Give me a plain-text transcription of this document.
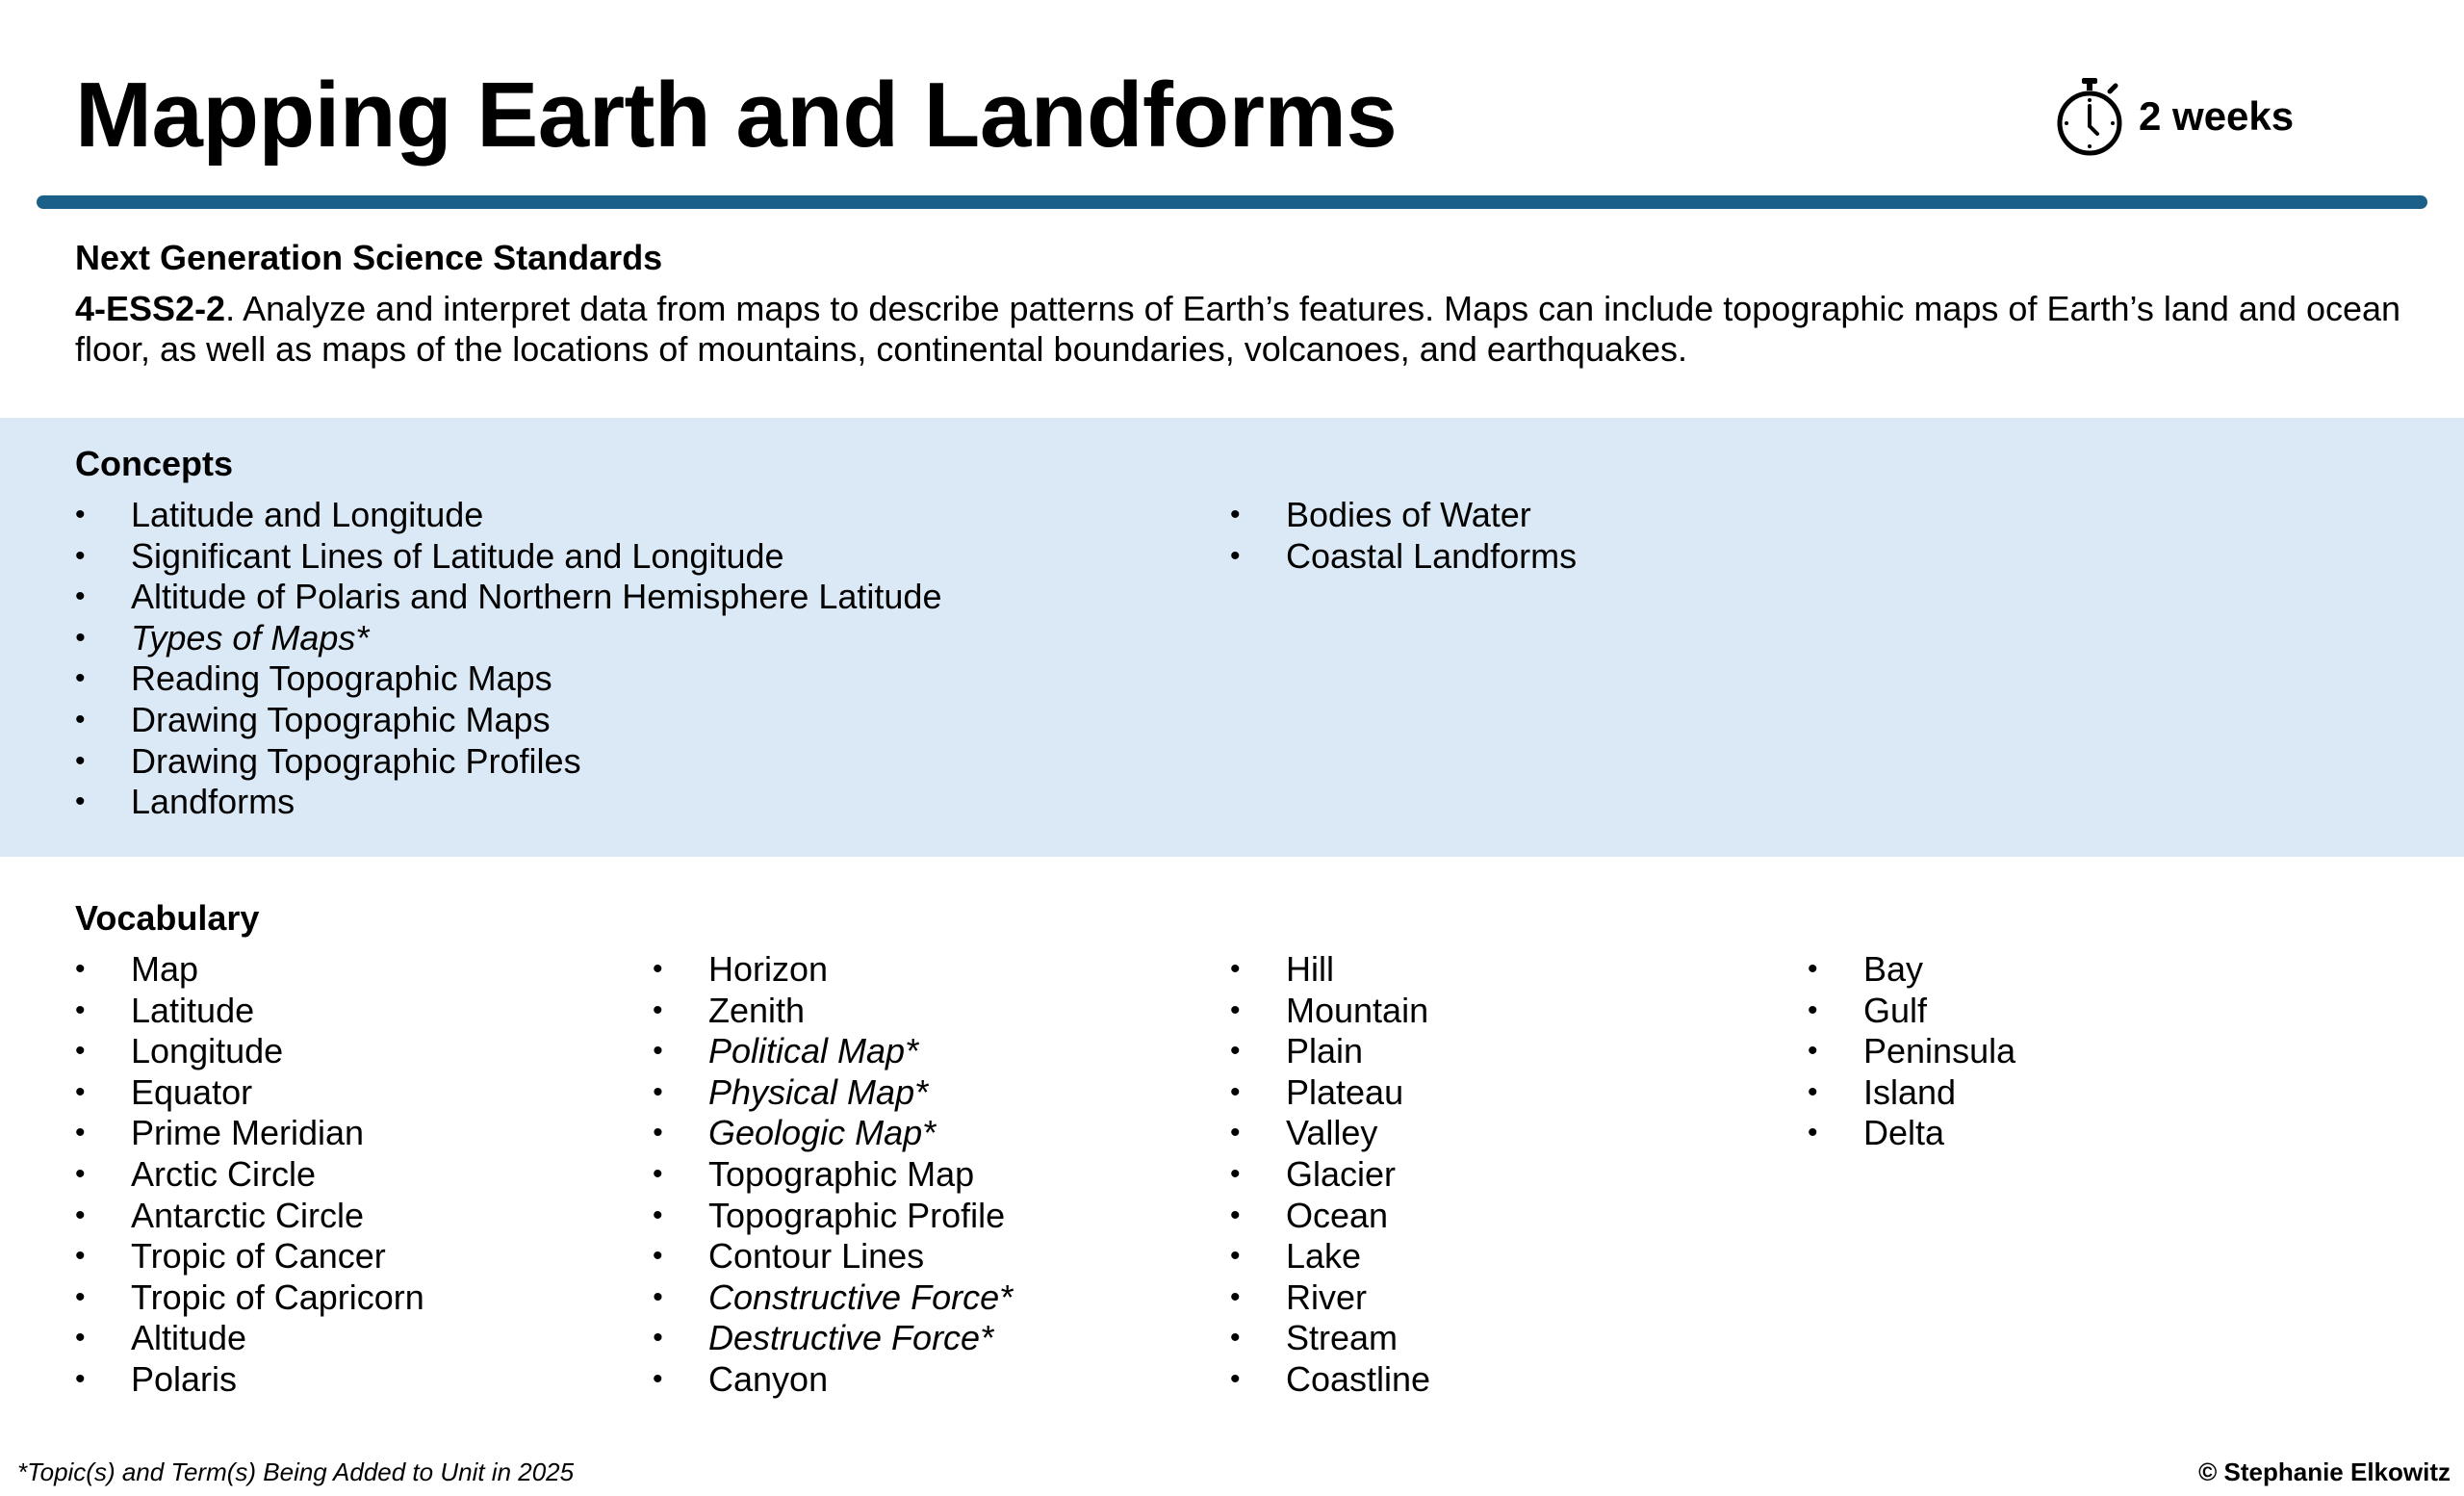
Mapping Earth and Landforms	2 weeks
Next Generation Science Standards
4-ESS2-2. Analyze and interpret data from maps to describe patterns of Earth’s features. Maps can include topographic maps of Earth’s land and ocean floor, as well as maps of the locations of mountains, continental boundaries, volcanoes, and earthquakes.
Concepts
• Latitude and Longitude
• Significant Lines of Latitude and Longitude
• Altitude of Polaris and Northern Hemisphere Latitude
• Types of Maps*
• Reading Topographic Maps
• Drawing Topographic Maps
• Drawing Topographic Profiles
• Landforms
• Bodies of Water
• Coastal Landforms
Vocabulary
• Map
• Latitude
• Longitude
• Equator
• Prime Meridian
• Arctic Circle
• Antarctic Circle
• Tropic of Cancer
• Tropic of Capricorn
• Altitude
• Polaris
• Horizon
• Zenith
• Political Map*
• Physical Map*
• Geologic Map*
• Topographic Map
• Topographic Profile
• Contour Lines
• Constructive Force*
• Destructive Force*
• Canyon
• Hill
• Mountain
• Plain
• Plateau
• Valley
• Glacier
• Ocean
• Lake
• River
• Stream
• Coastline
• Bay
• Gulf
• Peninsula
• Island
• Delta
*Topic(s) and Term(s) Being Added to Unit in 2025	© Stephanie Elkowitz
